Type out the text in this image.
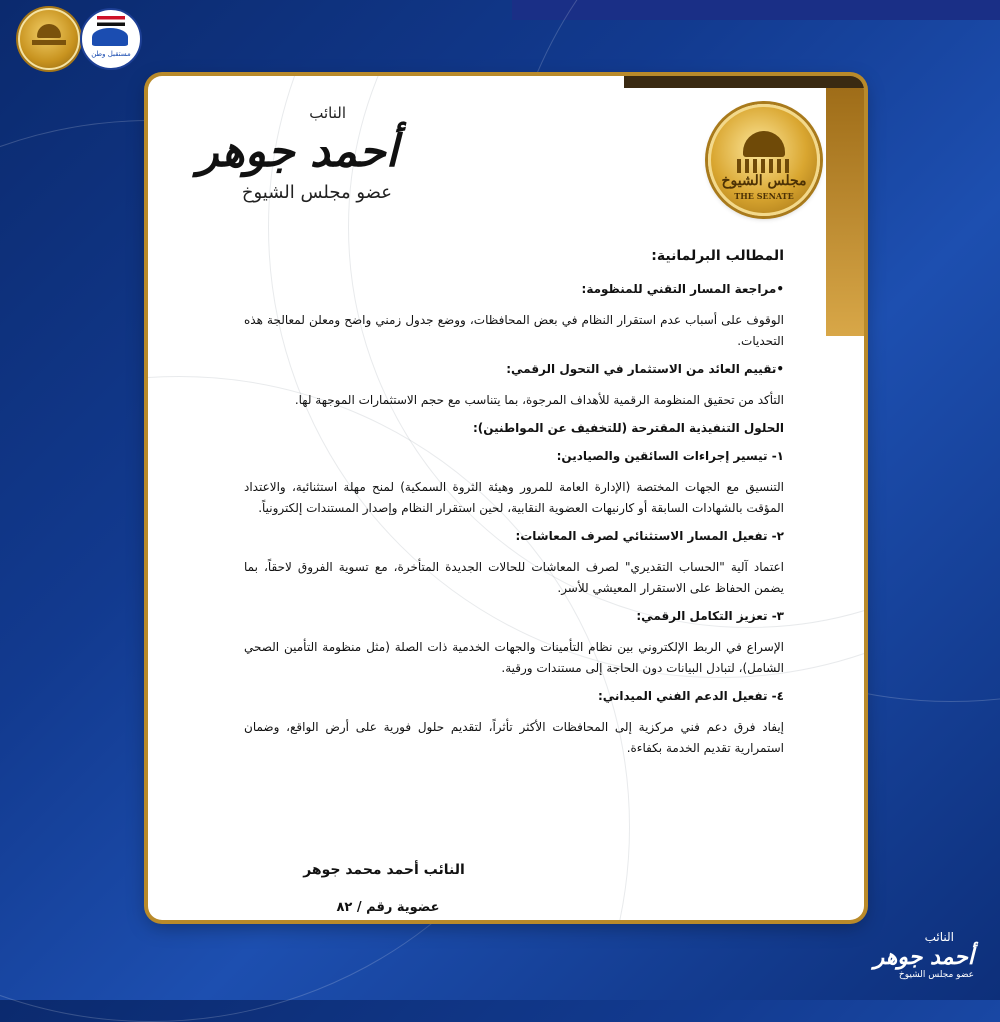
مستقبل وطن
النائب
أحمد جوهر
عضو مجلس الشيوخ
مجلس الشيوخ
THE SENATE
المطالب البرلمانية:
•مراجعة المسار التقني للمنظومة:
الوقوف على أسباب عدم استقرار النظام في بعض المحافظات، ووضع جدول زمني واضح ومعلن لمعالجة هذه التحديات.
•تقييم العائد من الاستثمار في التحول الرقمي:
التأكد من تحقيق المنظومة الرقمية للأهداف المرجوة، بما يتناسب مع حجم الاستثمارات الموجهة لها.
الحلول التنفيذية المقترحة (للتخفيف عن المواطنين):
١- تيسير إجراءات السائقين والصيادين:
التنسيق مع الجهات المختصة (الإدارة العامة للمرور وهيئة الثروة السمكية) لمنح مهلة استثنائية، والاعتداد المؤقت بالشهادات السابقة أو كارنيهات العضوية النقابية، لحين استقرار النظام وإصدار المستندات إلكترونياً.
٢- تفعيل المسار الاستثنائي لصرف المعاشات:
اعتماد آلية "الحساب التقديري" لصرف المعاشات للحالات الجديدة المتأخرة، مع تسوية الفروق لاحقاً، بما يضمن الحفاظ على الاستقرار المعيشي للأسر.
٣- تعزيز التكامل الرقمي:
الإسراع في الربط الإلكتروني بين نظام التأمينات والجهات الخدمية ذات الصلة (مثل منظومة التأمين الصحي الشامل)، لتبادل البيانات دون الحاجة إلى مستندات ورقية.
٤- تفعيل الدعم الفني الميداني:
إيفاد فرق دعم فني مركزية إلى المحافظات الأكثر تأثراً، لتقديم حلول فورية على أرض الواقع، وضمان استمرارية تقديم الخدمة بكفاءة.
النائب أحمد محمد جوهر
عضوية رقم / ٨٢
النائب
أحمد جوهر
عضو مجلس الشيوخ
